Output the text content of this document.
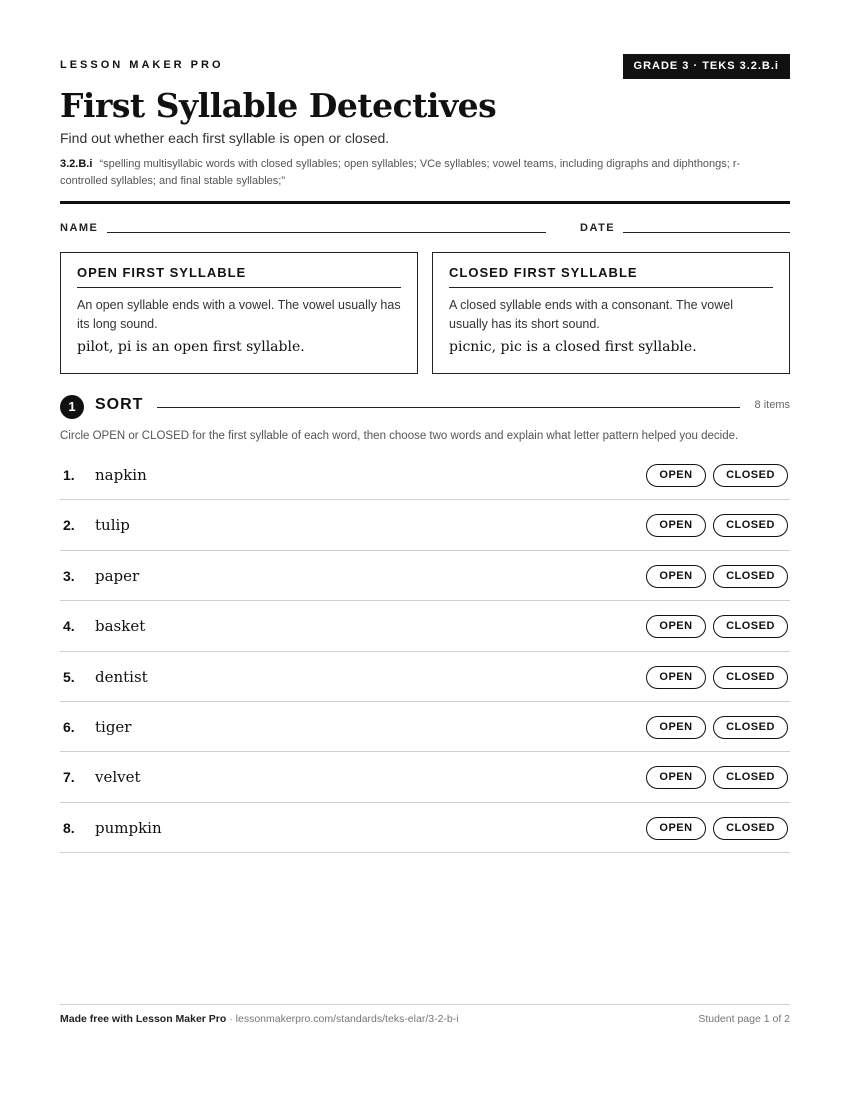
LESSON MAKER PRO	GRADE 3 · TEKS 3.2.B.i
First Syllable Detectives
Find out whether each first syllable is open or closed.
3.2.B.i “spelling multisyllabic words with closed syllables; open syllables; VCe syllables; vowel teams, including digraphs and diphthongs; r-controlled syllables; and final stable syllables;”
NAME	DATE
OPEN FIRST SYLLABLE
An open syllable ends with a vowel. The vowel usually has its long sound.
pilot, pi is an open first syllable.
CLOSED FIRST SYLLABLE
A closed syllable ends with a consonant. The vowel usually has its short sound.
picnic, pic is a closed first syllable.
1	SORT	8 items
Circle OPEN or CLOSED for the first syllable of each word, then choose two words and explain what letter pattern helped you decide.
1. napkin	OPEN	CLOSED
2. tulip	OPEN	CLOSED
3. paper	OPEN	CLOSED
4. basket	OPEN	CLOSED
5. dentist	OPEN	CLOSED
6. tiger	OPEN	CLOSED
7. velvet	OPEN	CLOSED
8. pumpkin	OPEN	CLOSED
Made free with Lesson Maker Pro · lessonmakerpro.com/standards/teks-elar/3-2-b-i	Student page 1 of 2
